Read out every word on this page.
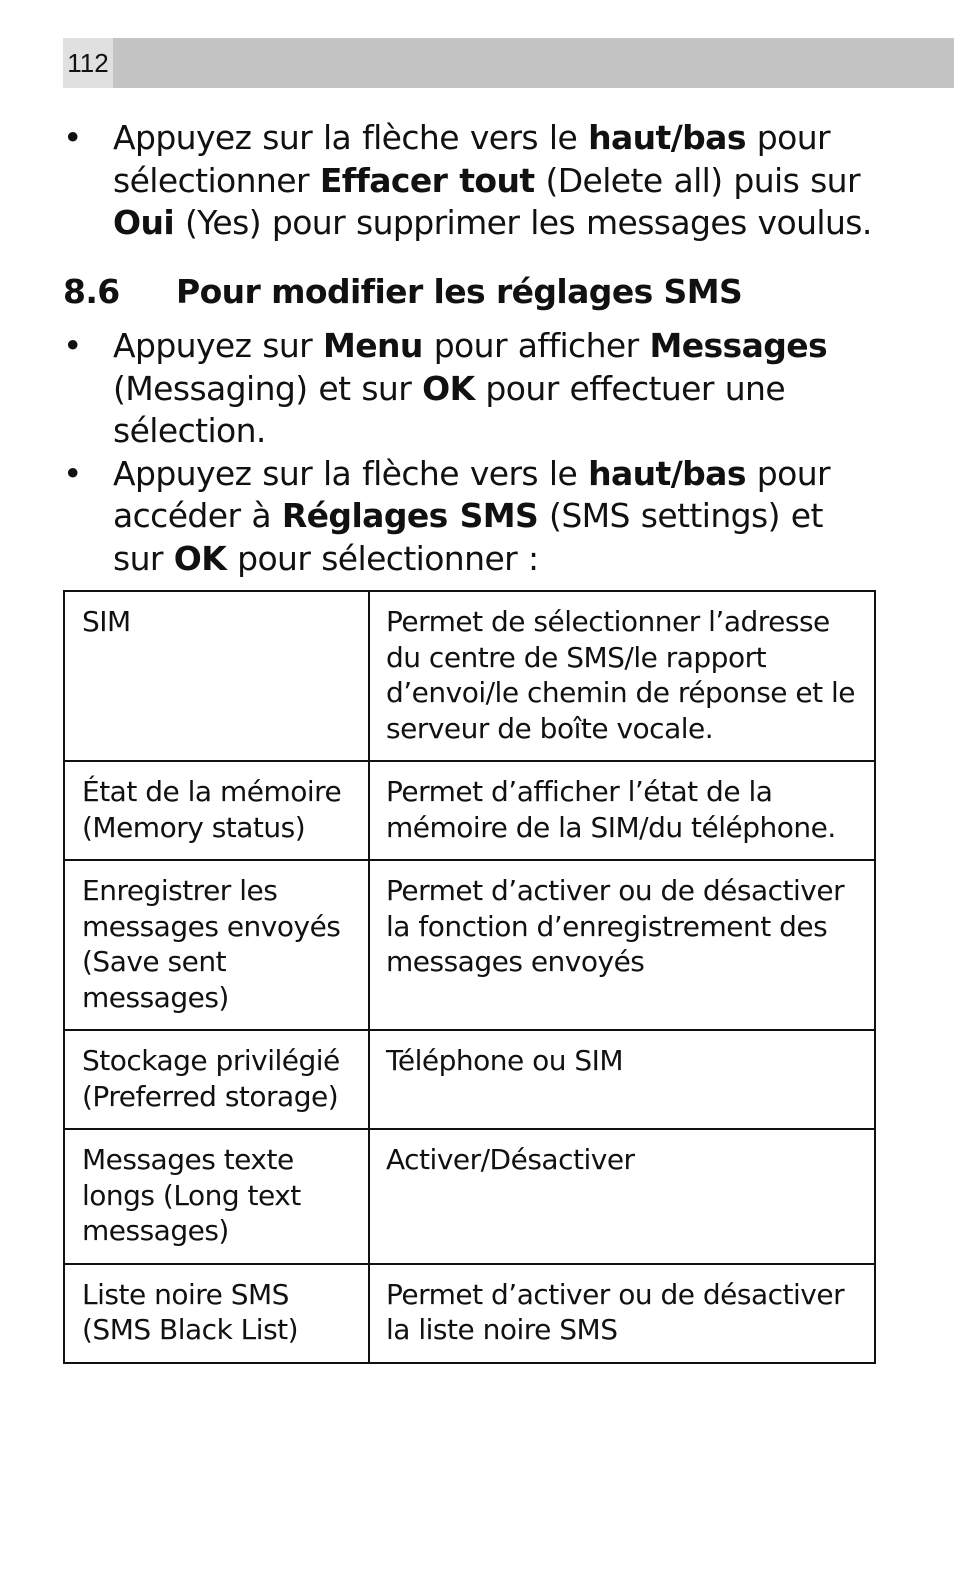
112
• Appuyez sur la flèche vers le haut/bas pour sélectionner Effacer tout (Delete all) puis sur Oui (Yes) pour supprimer les messages voulus.
8.6 Pour modifier les réglages SMS
• Appuyez sur Menu pour afficher Messages (Messaging) et sur OK pour effectuer une sélection.
• Appuyez sur la flèche vers le haut/bas pour accéder à Réglages SMS (SMS settings) et sur OK pour sélectionner :
SIM	Permet de sélectionner l’adresse du centre de SMS/le rapport d’envoi/le chemin de réponse et le serveur de boîte vocale.
État de la mémoire (Memory status)	Permet d’afficher l’état de la mémoire de la SIM/du téléphone.
Enregistrer les messages envoyés (Save sent messages)	Permet d’activer ou de désactiver la fonction d’enregistrement des messages envoyés
Stockage privilégié (Preferred storage)	Téléphone ou SIM
Messages texte longs (Long text messages)	Activer/Désactiver
Liste noire SMS (SMS Black List)	Permet d’activer ou de désactiver la liste noire SMS
